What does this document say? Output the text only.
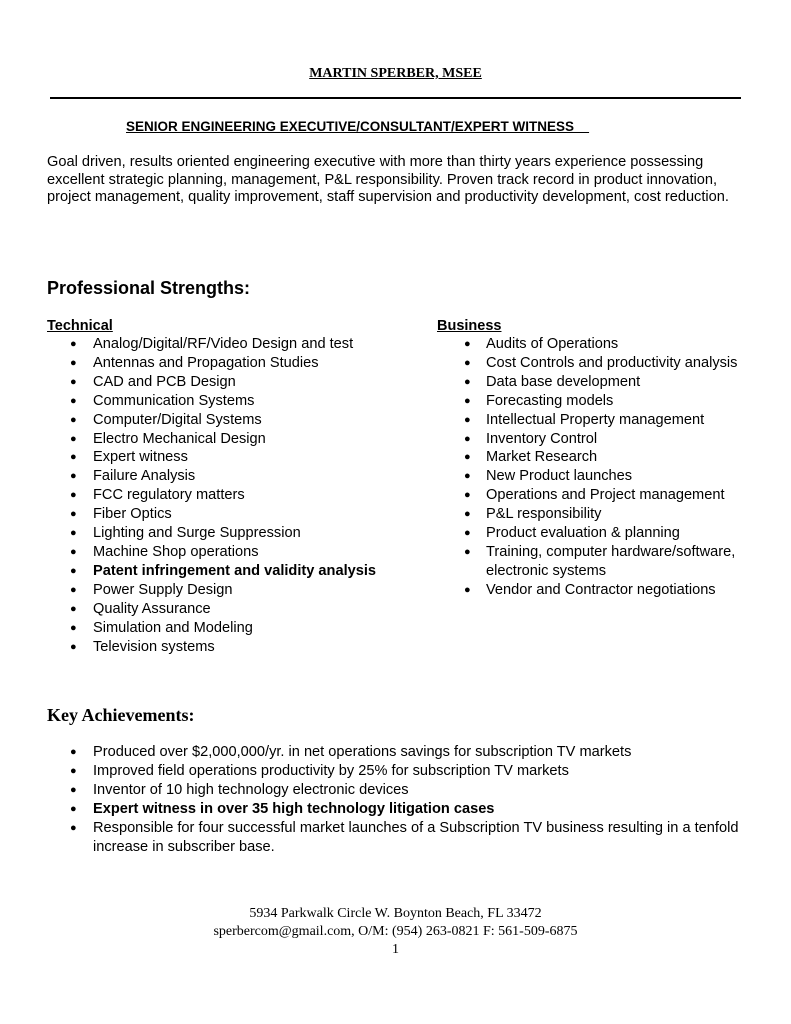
MARTIN SPERBER, MSEE
SENIOR ENGINEERING EXECUTIVE/CONSULTANT/EXPERT WITNESS
Goal driven, results oriented engineering executive with more than thirty years experience possessing excellent strategic planning, management, P&L responsibility. Proven track record in product innovation, project management, quality improvement, staff supervision and productivity development, cost reduction.
Professional Strengths:
Technical
● Analog/Digital/RF/Video Design and test
● Antennas and Propagation Studies
● CAD and PCB Design
● Communication Systems
● Computer/Digital Systems
● Electro Mechanical Design
● Expert witness
● Failure Analysis
● FCC regulatory matters
● Fiber Optics
● Lighting and Surge Suppression
● Machine Shop operations
● Patent infringement and validity analysis
● Power Supply Design
● Quality Assurance
● Simulation and Modeling
● Television systems
Business
● Audits of Operations
● Cost Controls and productivity analysis
● Data base development
● Forecasting models
● Intellectual Property management
● Inventory Control
● Market Research
● New Product launches
● Operations and Project management
● P&L responsibility
● Product evaluation & planning
● Training, computer hardware/software, electronic systems
● Vendor and Contractor negotiations
Key Achievements:
● Produced over $2,000,000/yr. in net operations savings for subscription TV markets
● Improved field operations productivity by 25% for subscription TV markets
● Inventor of 10 high technology electronic devices
● Expert witness in over 35 high technology litigation cases
● Responsible for four successful market launches of a Subscription TV business resulting in a tenfold increase in subscriber base.
5934 Parkwalk Circle W. Boynton Beach, FL 33472
sperbercom@gmail.com, O/M: (954) 263-0821 F: 561-509-6875
1
